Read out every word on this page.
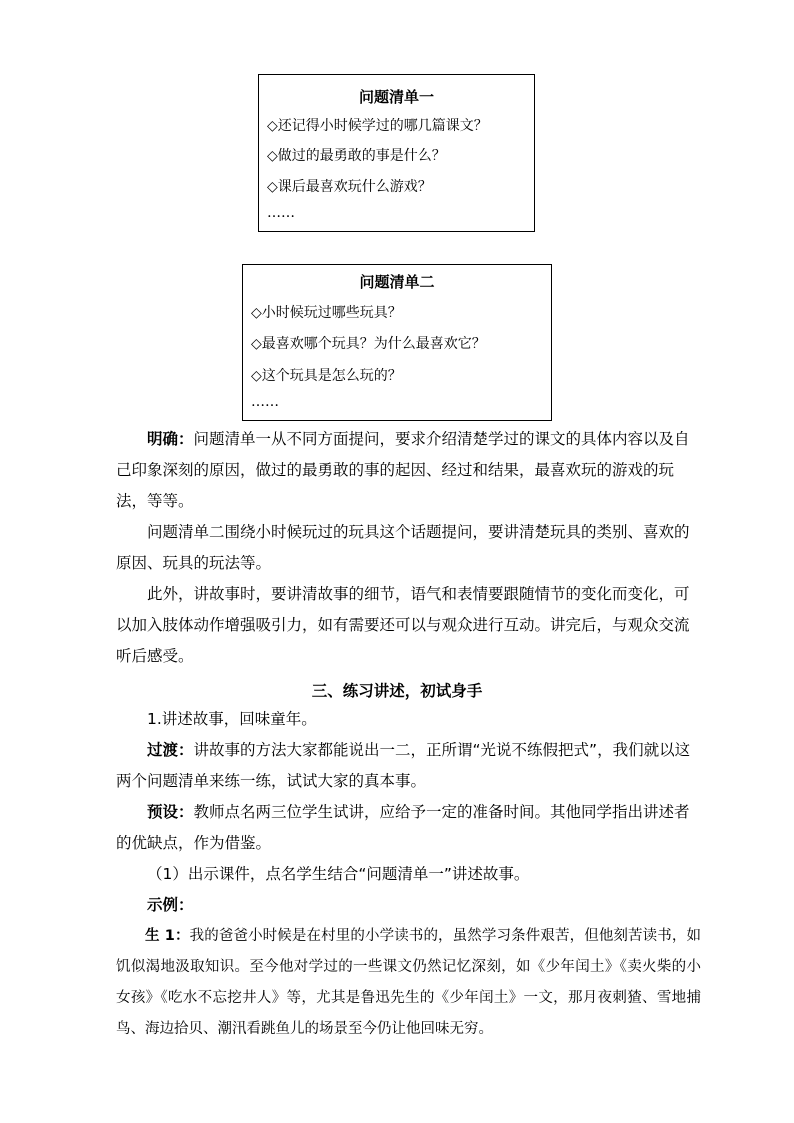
问题清单一
◇还记得小时候学过的哪几篇课文？
◇做过的最勇敢的事是什么？
◇课后最喜欢玩什么游戏？
……
问题清单二
◇小时候玩过哪些玩具？
◇最喜欢哪个玩具？为什么最喜欢它？
◇这个玩具是怎么玩的？
……
明确：问题清单一从不同方面提问，要求介绍清楚学过的课文的具体内容以及自己印象深刻的原因，做过的最勇敢的事的起因、经过和结果，最喜欢玩的游戏的玩法，等等。
问题清单二围绕小时候玩过的玩具这个话题提问，要讲清楚玩具的类别、喜欢的原因、玩具的玩法等。
此外，讲故事时，要讲清故事的细节，语气和表情要跟随情节的变化而变化，可以加入肢体动作增强吸引力，如有需要还可以与观众进行互动。讲完后，与观众交流听后感受。
三、练习讲述，初试身手
1.讲述故事，回味童年。
过渡：讲故事的方法大家都能说出一二，正所谓“光说不练假把式”，我们就以这两个问题清单来练一练，试试大家的真本事。
预设：教师点名两三位学生试讲，应给予一定的准备时间。其他同学指出讲述者的优缺点，作为借鉴。
（1）出示课件，点名学生结合“问题清单一”讲述故事。
示例：
生 1：我的爸爸小时候是在村里的小学读书的，虽然学习条件艰苦，但他刻苦读书，如饥似渴地汲取知识。至今他对学过的一些课文仍然记忆深刻，如《少年闰土》《卖火柴的小女孩》《吃水不忘挖井人》等，尤其是鲁迅先生的《少年闰土》一文，那月夜刺猹、雪地捕鸟、海边拾贝、潮汛看跳鱼儿的场景至今仍让他回味无穷。
